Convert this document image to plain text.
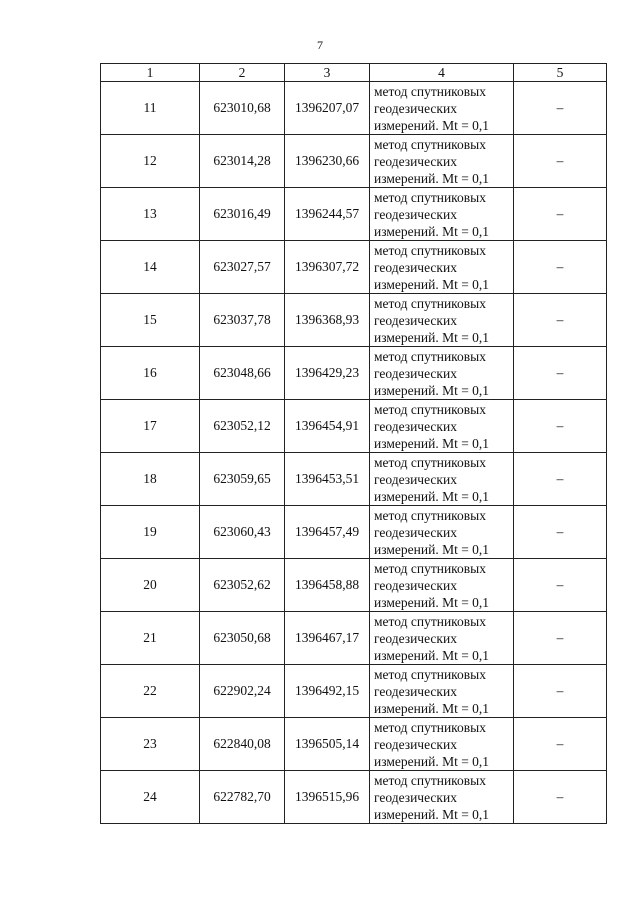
7
1	2	3	4	5
11	623010,68	1396207,07	метод спутниковых
геодезических
измерений. Mt = 0,1	–
12	623014,28	1396230,66	метод спутниковых
геодезических
измерений. Mt = 0,1	–
13	623016,49	1396244,57	метод спутниковых
геодезических
измерений. Mt = 0,1	–
14	623027,57	1396307,72	метод спутниковых
геодезических
измерений. Mt = 0,1	–
15	623037,78	1396368,93	метод спутниковых
геодезических
измерений. Mt = 0,1	–
16	623048,66	1396429,23	метод спутниковых
геодезических
измерений. Mt = 0,1	–
17	623052,12	1396454,91	метод спутниковых
геодезических
измерений. Mt = 0,1	–
18	623059,65	1396453,51	метод спутниковых
геодезических
измерений. Mt = 0,1	–
19	623060,43	1396457,49	метод спутниковых
геодезических
измерений. Mt = 0,1	–
20	623052,62	1396458,88	метод спутниковых
геодезических
измерений. Mt = 0,1	–
21	623050,68	1396467,17	метод спутниковых
геодезических
измерений. Mt = 0,1	–
22	622902,24	1396492,15	метод спутниковых
геодезических
измерений. Mt = 0,1	–
23	622840,08	1396505,14	метод спутниковых
геодезических
измерений. Mt = 0,1	–
24	622782,70	1396515,96	метод спутниковых
геодезических
измерений. Mt = 0,1	–
